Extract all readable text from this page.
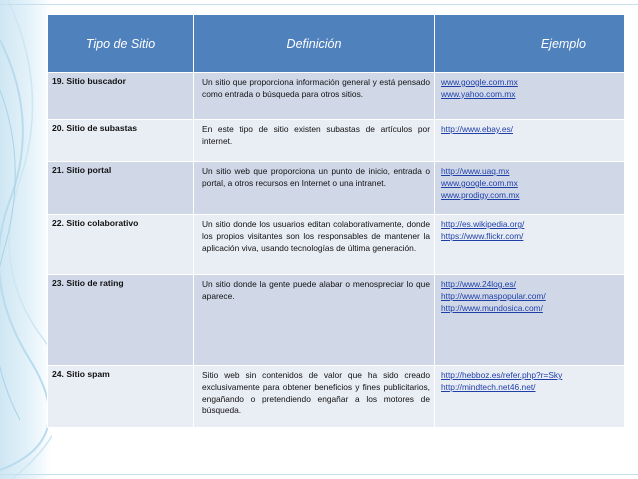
Tipo de Sitio	Definición	Ejemplo
19. Sitio buscador	Un sitio que proporciona información general y está pensado como entrada o búsqueda para otros sitios.	www.google.com.mx
www.yahoo.com.mx

20. Sitio de subastas	En este tipo de sitio existen subastas de artículos por internet.	http://www.ebay.es/

21. Sitio portal	Un sitio web que proporciona un punto de inicio, entrada o portal, a otros recursos en Internet o una intranet.	http://www.uaq.mx
www.google.com.mx
www.prodigy.com.mx

22. Sitio colaborativo	Un sitio donde los usuarios editan colaborativamente, donde los propios visitantes son los responsables de mantener la aplicación viva, usando tecnologías de última generación.	http://es.wikipedia.org/
https://www.flickr.com/

23. Sitio de rating	Un sitio donde la gente puede alabar o menospreciar lo que aparece.	http://www.24log.es/
http://www.maspopular.com/
http://www.mundosica.com/

24. Sitio spam	Sitio web sin contenidos de valor que ha sido creado exclusivamente para obtener beneficios y fines publicitarios, engañando o pretendiendo engañar a los motores de búsqueda.	http://hebboz.es/refer.php?r=Sky
http://mindtech.net46.net/
